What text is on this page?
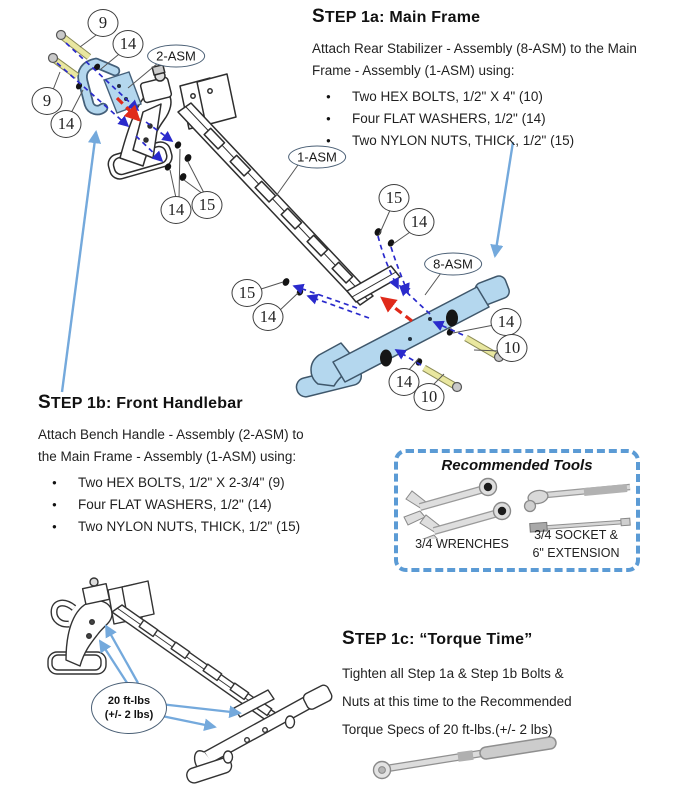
9
14
2-ASM
9
14
1-ASM
14 15	15
14
8-ASM
15
14	14
10
14
10
STEP 1a: Main Frame
Attach Rear Stabilizer - Assembly (8-ASM) to the Main
Frame - Assembly (1-ASM) using:
● Two HEX BOLTS, 1/2" X 4" (10)
● Four FLAT WASHERS, 1/2" (14)
● Two NYLON NUTS, THICK, 1/2" (15)
STEP 1b: Front Handlebar
Attach Bench Handle - Assembly (2-ASM) to
the Main Frame - Assembly (1-ASM) using:
● Two HEX BOLTS, 1/2" X 2-3/4" (9)
● Four FLAT WASHERS, 1/2" (14)
● Two NYLON NUTS, THICK, 1/2" (15)
Recommended Tools
3/4 WRENCHES
3/4 SOCKET &
6" EXTENSION
20 ft-lbs
(+/- 2 lbs)
STEP 1c: “Torque Time”
Tighten all Step 1a & Step 1b Bolts &
Nuts at this time to the Recommended
Torque Specs of 20 ft-lbs.(+/- 2 lbs)
